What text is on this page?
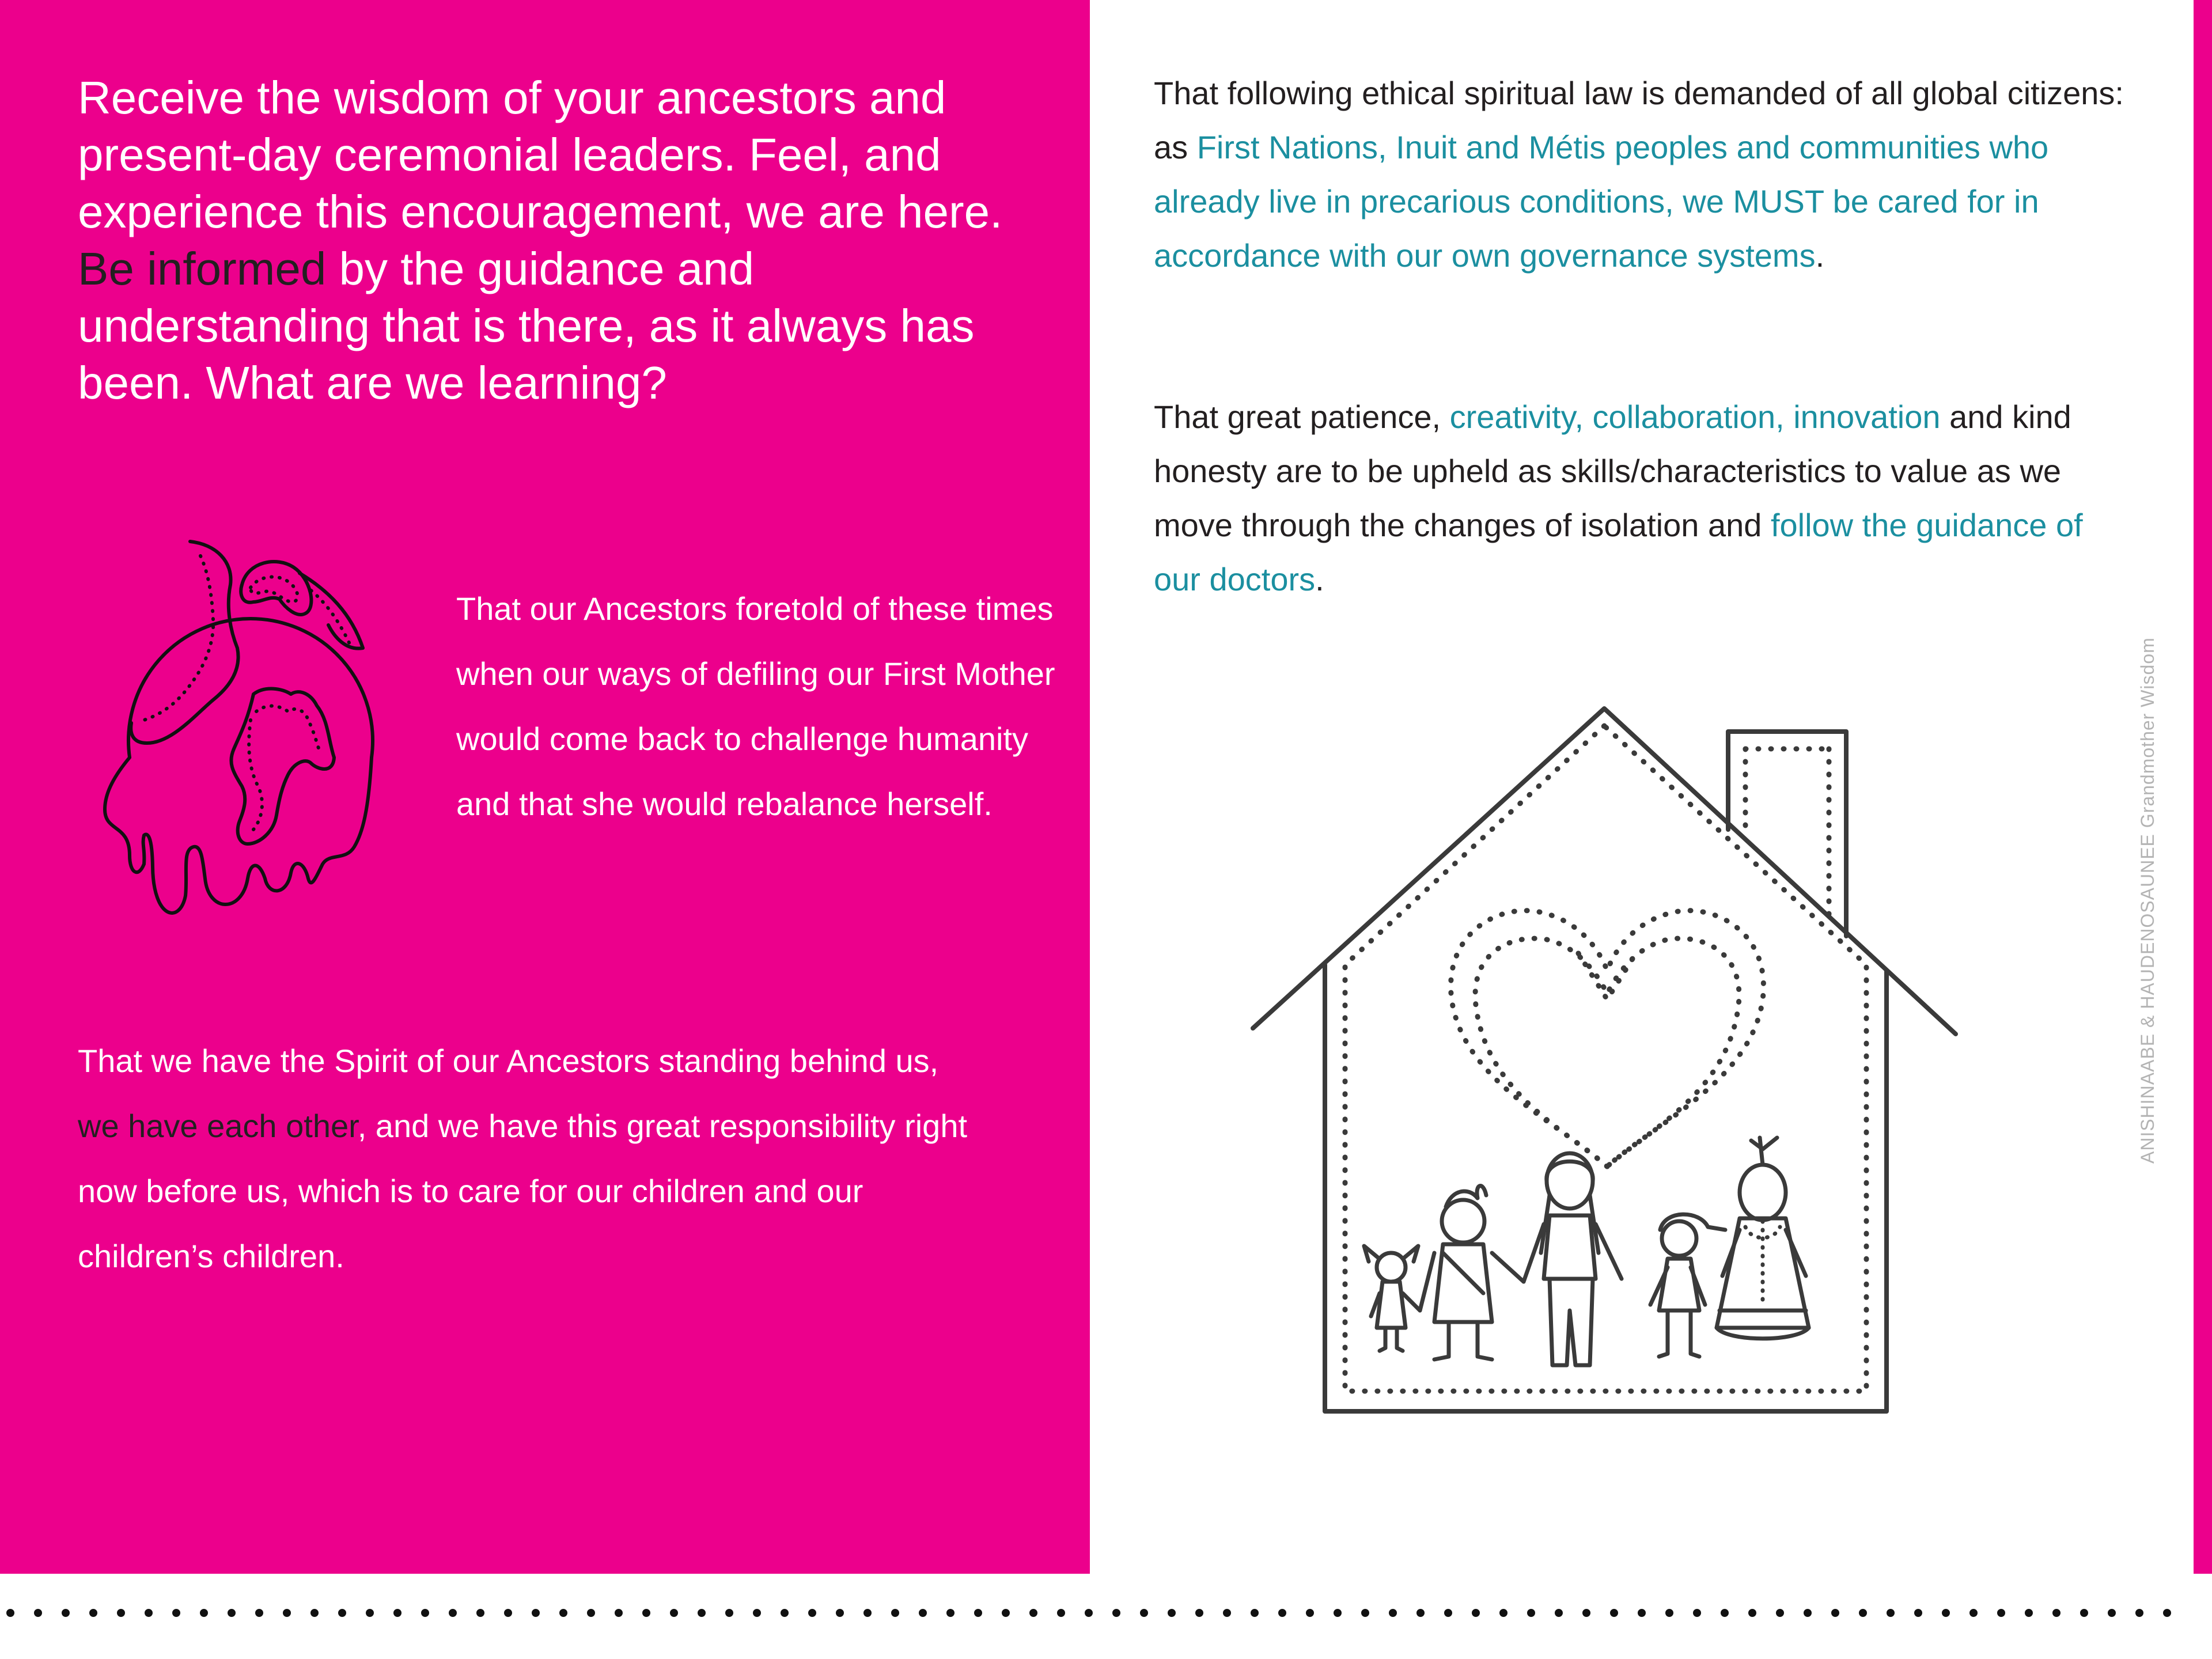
Receive the wisdom of your ancestors and present-day ceremonial leaders. Feel, and experience this encouragement, we are here. Be informed by the guidance and understanding that is there, as it always has been. What are we learning?

That our Ancestors foretold of these times when our ways of defiling our First Mother would come back to challenge humanity and that she would rebalance herself.

That we have the Spirit of our Ancestors standing behind us, we have each other, and we have this great responsibility right now before us, which is to care for our children and our children’s children.

That following ethical spiritual law is demanded of all global citizens: as First Nations, Inuit and Métis peoples and communities who already live in precarious conditions, we MUST be cared for in accordance with our own governance systems.

That great patience, creativity, collaboration, innovation and kind honesty are to be upheld as skills/characteristics to value as we move through the changes of isolation and follow the guidance of our doctors.

ANISHINAABE & HAUDENOSAUNEE Grandmother Wisdom
